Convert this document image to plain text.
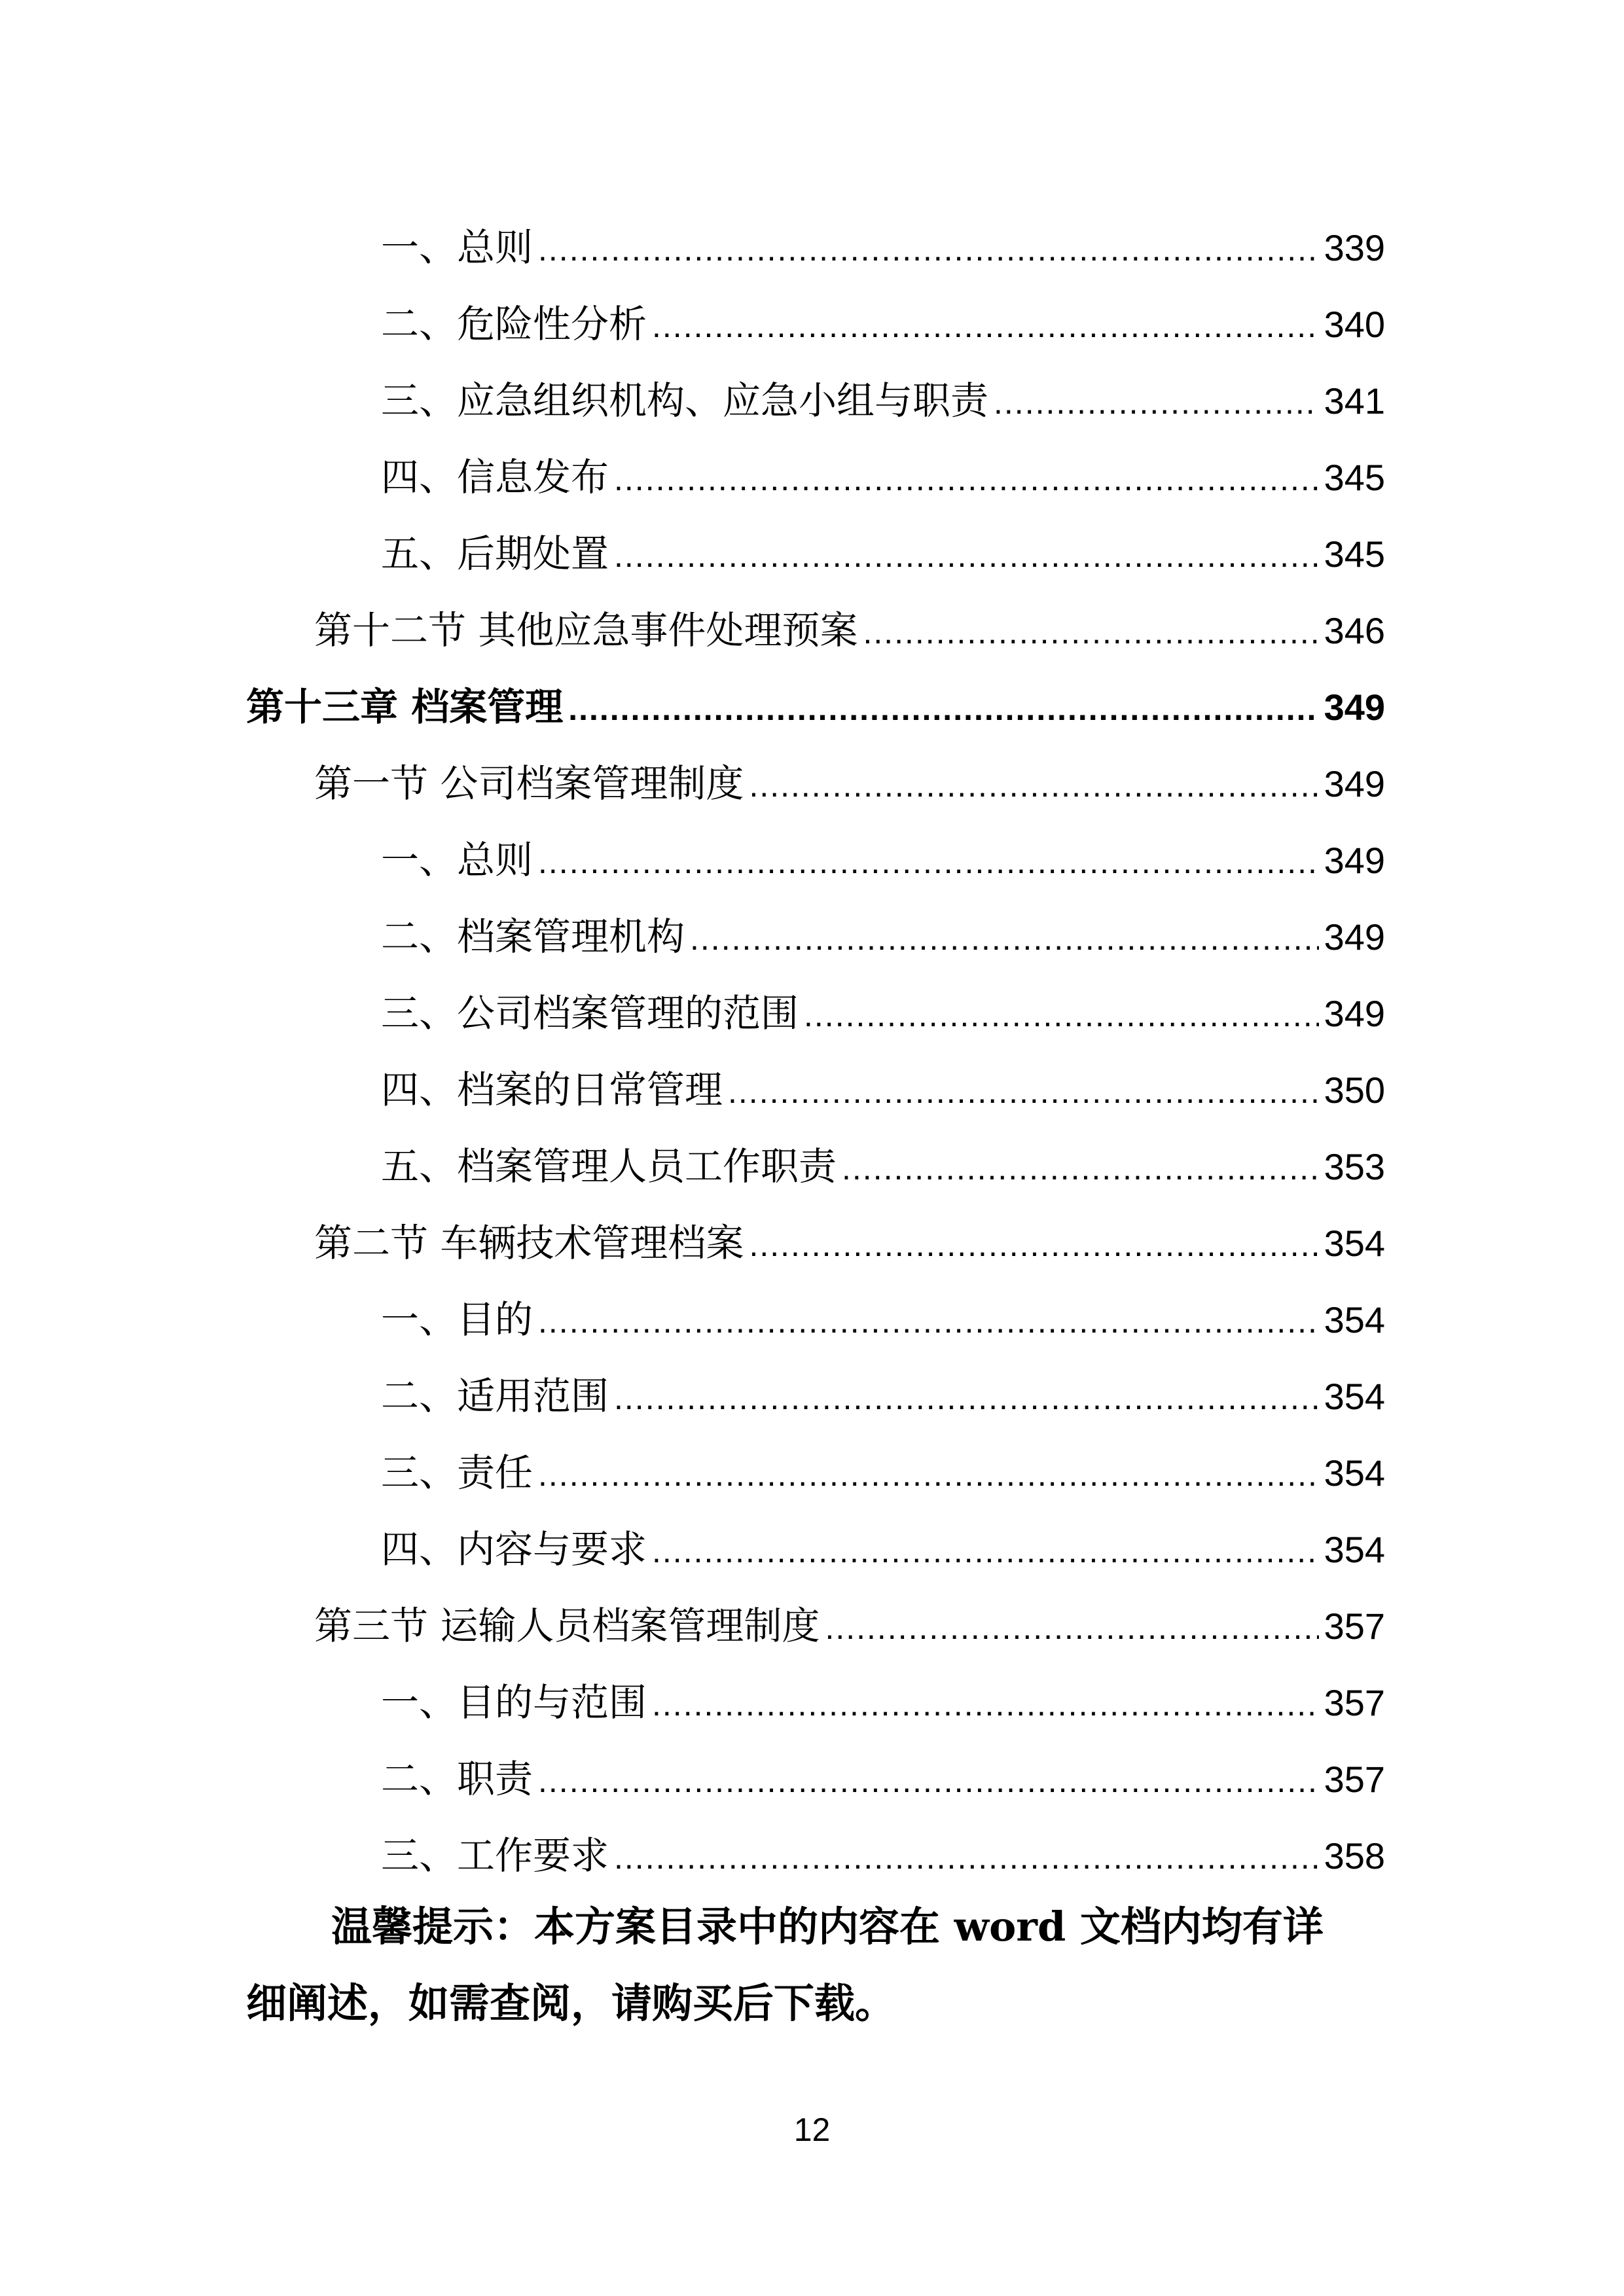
一、总则 .....	339
二、危险性分析 .....	340
三、应急组织机构、应急小组与职责 .....	341
四、信息发布 .....	345
五、后期处置 .....	345
第十二节 其他应急事件处理预案 .....	346
第十三章 档案管理 .....	349
第一节 公司档案管理制度 .....	349
一、总则 .....	349
二、档案管理机构 .....	349
三、公司档案管理的范围 .....	349
四、档案的日常管理 .....	350
五、档案管理人员工作职责 .....	353
第二节 车辆技术管理档案 .....	354
一、目的 .....	354
二、适用范围 .....	354
三、责任 .....	354
四、内容与要求 .....	354
第三节 运输人员档案管理制度 .....	357
一、目的与范围 .....	357
二、职责 .....	357
三、工作要求 .....	358
温馨提示：本方案目录中的内容在 word 文档内均有详
细阐述，如需查阅，请购买后下载。
12
